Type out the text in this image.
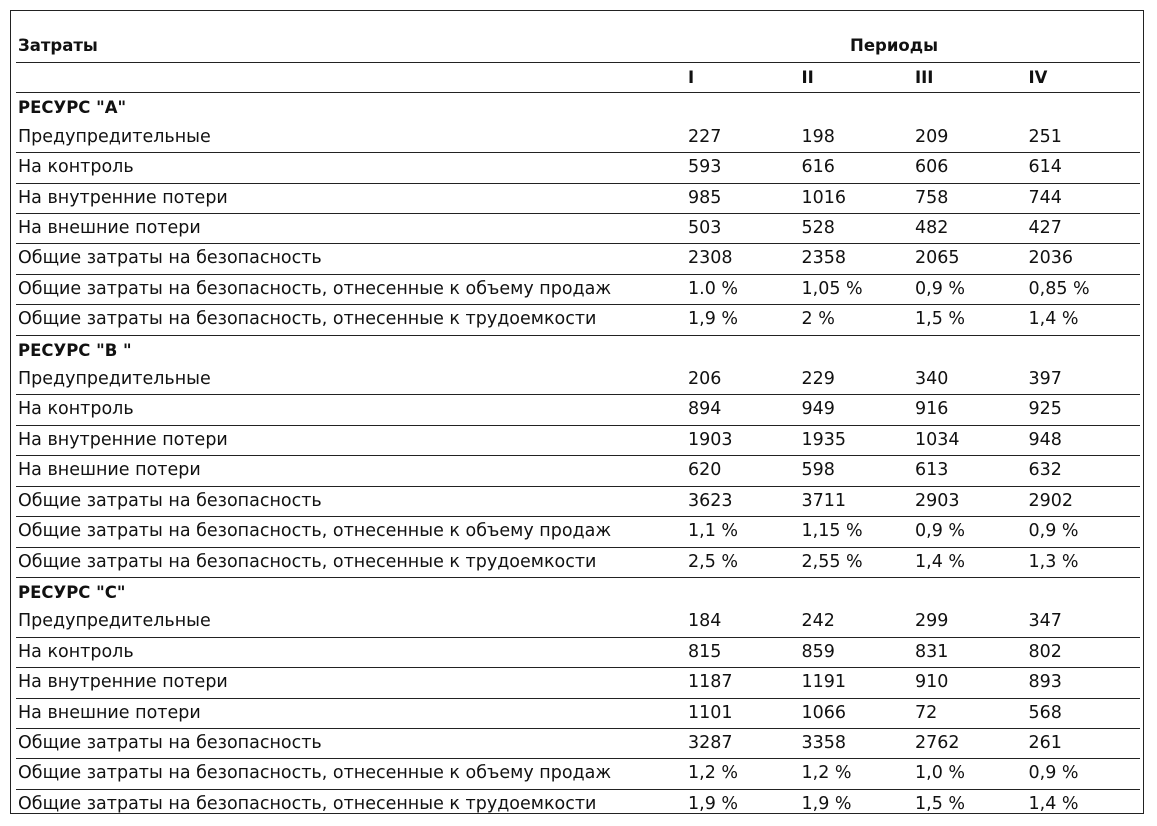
Затраты	Периоды			
	I	II	III	IV
РЕСУРС "А"				
Предупредительные	227	198	209	251
На контроль	593	616	606	614
На внутренние потери	985	1016	758	744
На внешние потери	503	528	482	427
Общие затраты на безопасность	2308	2358	2065	2036
Общие затраты на безопасность, отнесенные к объему продаж	1.0 %	1,05 %	0,9 %	0,85 %
Общие затраты на безопасность, отнесенные к трудоемкости	1,9 %	2 %	1,5 %	1,4 %
РЕСУРС "В "				
Предупредительные	206	229	340	397
На контроль	894	949	916	925
На внутренние потери	1903	1935	1034	948
На внешние потери	620	598	613	632
Общие затраты на безопасность	3623	3711	2903	2902
Общие затраты на безопасность, отнесенные к объему продаж	1,1 %	1,15 %	0,9 %	0,9 %
Общие затраты на безопасность, отнесенные к трудоемкости	2,5 %	2,55 %	1,4 %	1,3 %
РЕСУРС "С"				
Предупредительные	184	242	299	347
На контроль	815	859	831	802
На внутренние потери	1187	1191	910	893
На внешние потери	1101	1066	72	568
Общие затраты на безопасность	3287	3358	2762	261
Общие затраты на безопасность, отнесенные к объему продаж	1,2 %	1,2 %	1,0 %	0,9 %
Общие затраты на безопасность, отнесенные к трудоемкости	1,9 %	1,9 %	1,5 %	1,4 %
